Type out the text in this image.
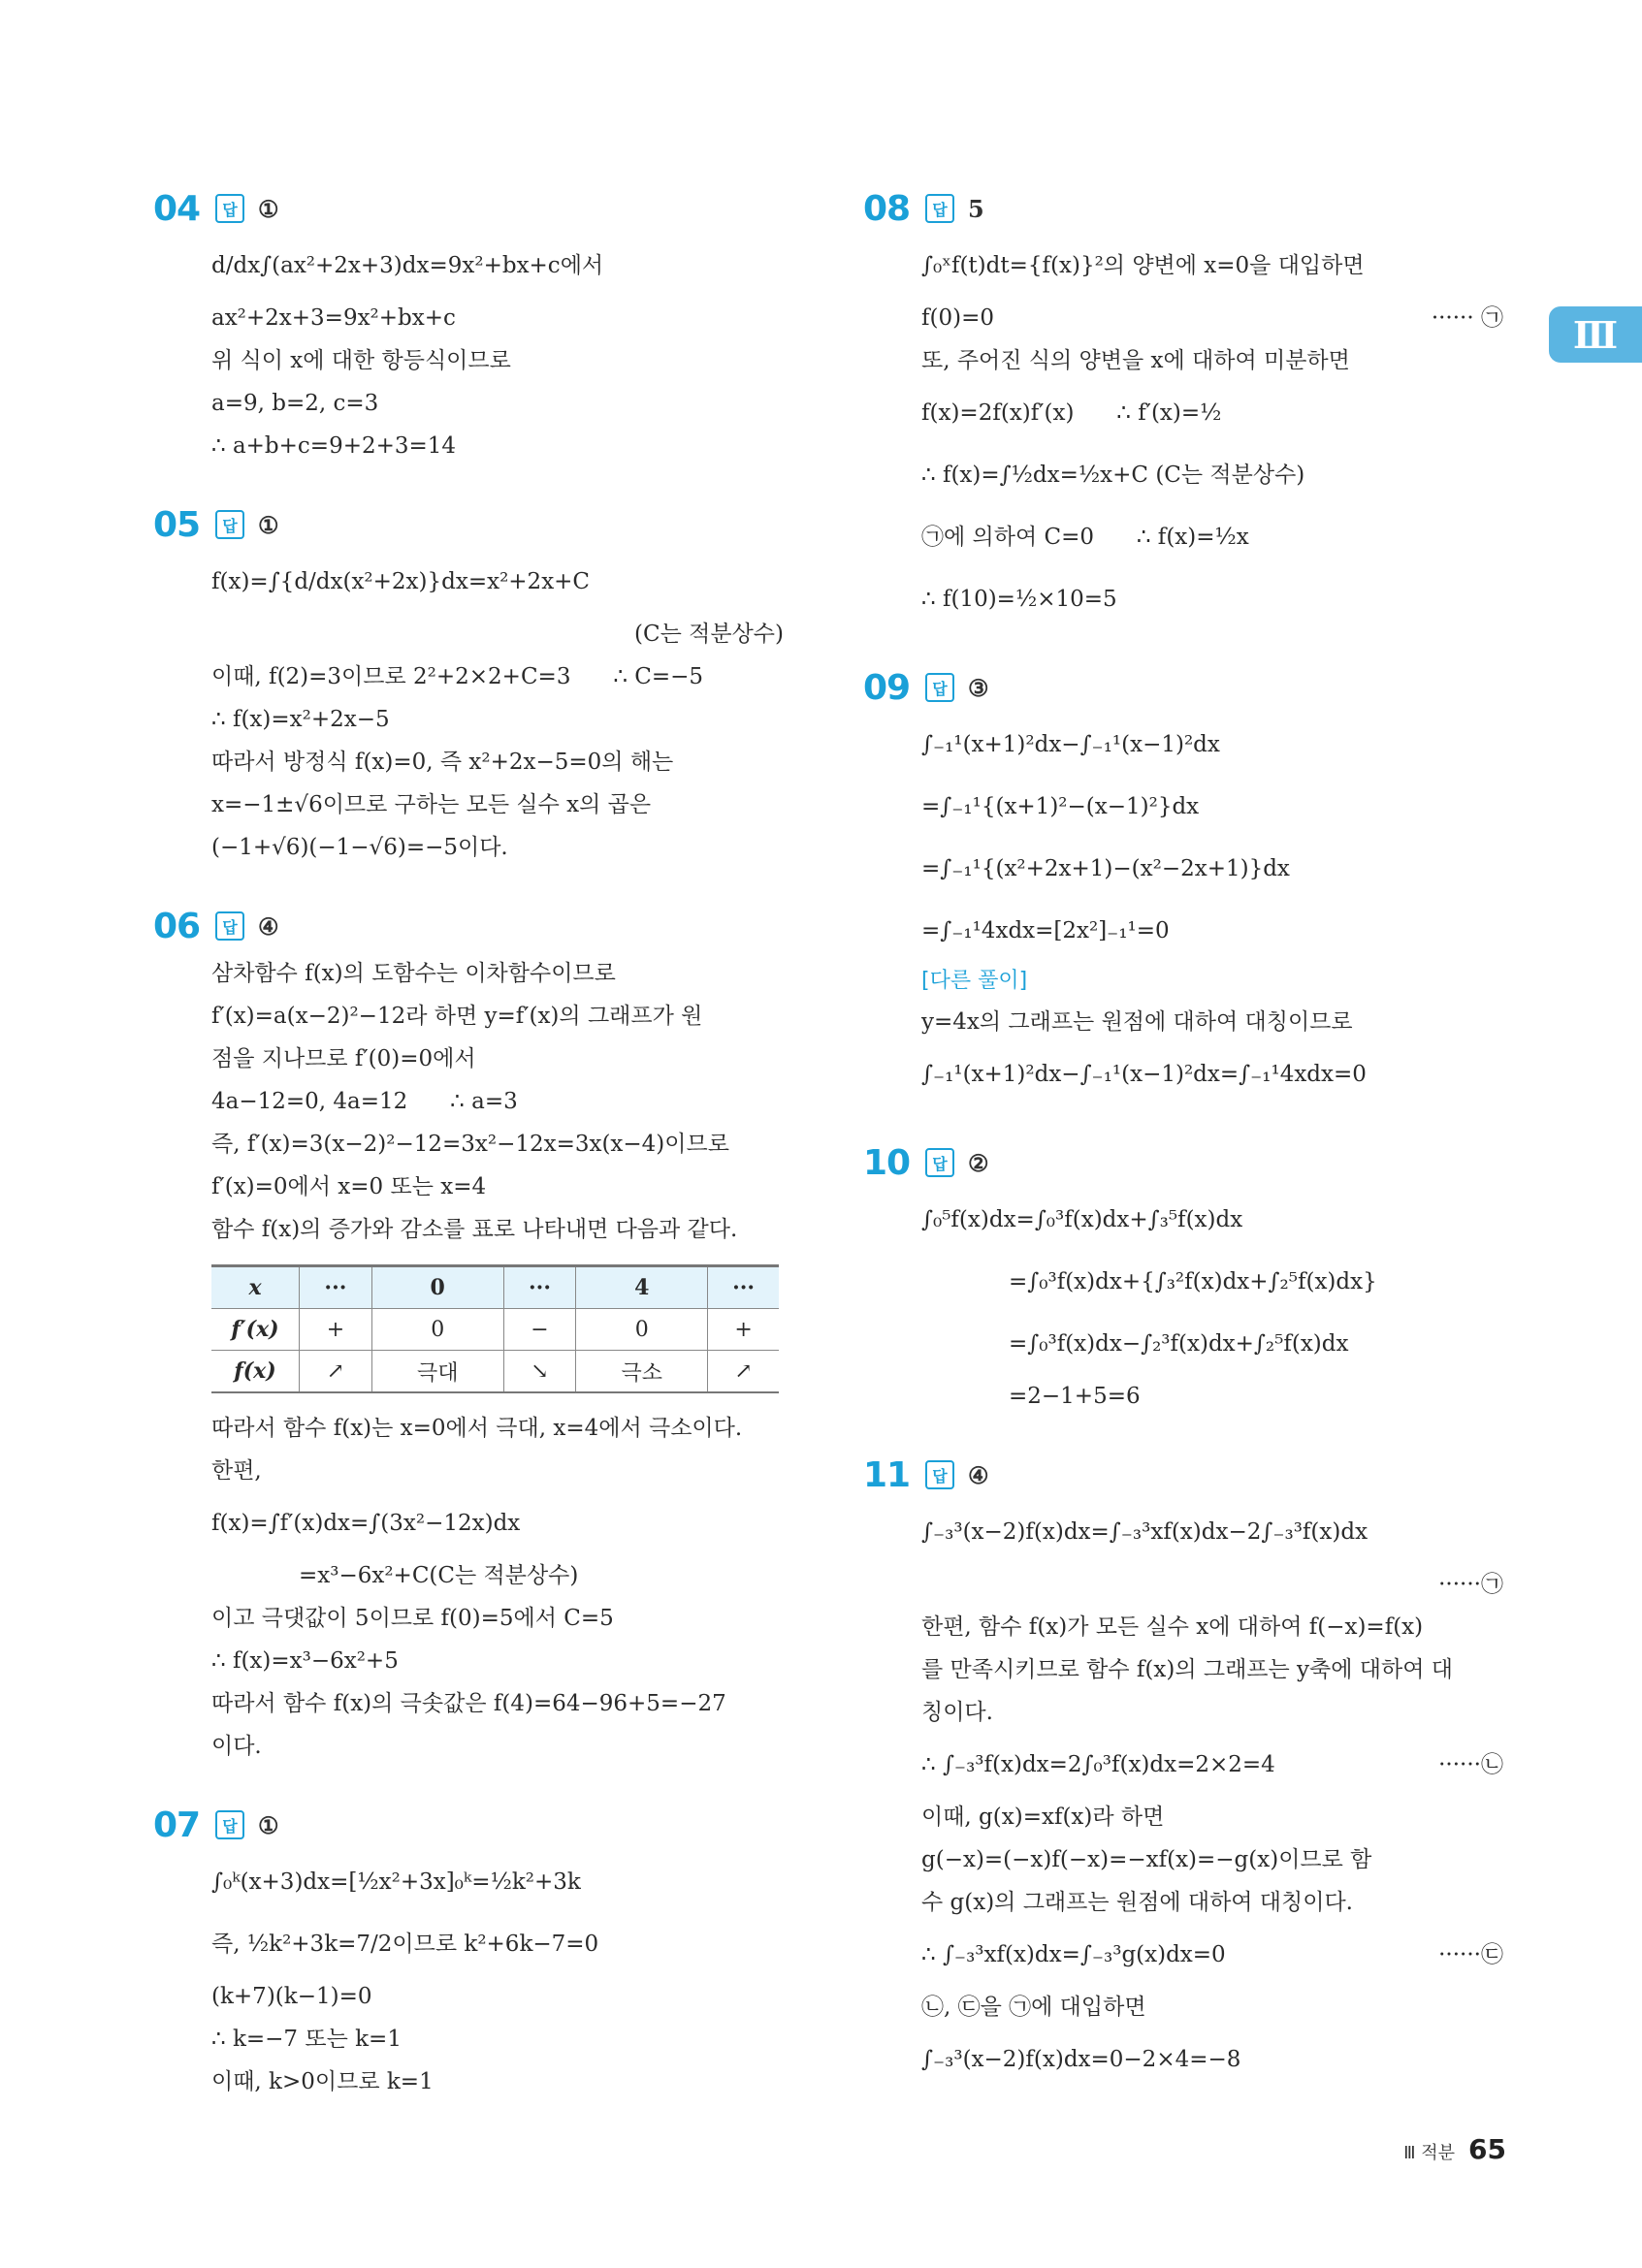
Ⅲ
04	답 ①
d/dx∫(ax²+2x+3)dx=9x²+bx+c에서
ax²+2x+3=9x²+bx+c
위 식이 x에 대한 항등식이므로
a=9, b=2, c=3
∴ a+b+c=9+2+3=14
05	답 ①
f(x)=∫{d/dx(x²+2x)}dx=x²+2x+C
(C는 적분상수)
이때, f(2)=3이므로 2²+2×2+C=3      ∴ C=−5
∴ f(x)=x²+2x−5
따라서 방정식 f(x)=0, 즉 x²+2x−5=0의 해는
x=−1±√6이므로 구하는 모든 실수 x의 곱은
(−1+√6)(−1−√6)=−5이다.
06	답 ④
삼차함수 f(x)의 도함수는 이차함수이므로
f′(x)=a(x−2)²−12라 하면 y=f′(x)의 그래프가 원
점을 지나므로 f′(0)=0에서
4a−12=0, 4a=12      ∴ a=3
즉, f′(x)=3(x−2)²−12=3x²−12x=3x(x−4)이므로
f′(x)=0에서 x=0 또는 x=4
함수 f(x)의 증가와 감소를 표로 나타내면 다음과 같다.
x	···	0	···	4	···
f′(x)	+	0	−	0	+
f(x)	↗	극대	↘	극소	↗
따라서 함수 f(x)는 x=0에서 극대, x=4에서 극소이다.
한편,
f(x)=∫f′(x)dx=∫(3x²−12x)dx
=x³−6x²+C(C는 적분상수)
이고 극댓값이 5이므로 f(0)=5에서 C=5
∴ f(x)=x³−6x²+5
따라서 함수 f(x)의 극솟값은 f(4)=64−96+5=−27
이다.
07	답 ①
∫₀ᵏ(x+3)dx=[½x²+3x]₀ᵏ=½k²+3k
즉, ½k²+3k=7/2이므로 k²+6k−7=0
(k+7)(k−1)=0
∴ k=−7 또는 k=1
이때, k>0이므로 k=1
08	답 5
∫₀ˣf(t)dt={f(x)}²의 양변에 x=0을 대입하면
f(0)=0	······ ㉠
또, 주어진 식의 양변을 x에 대하여 미분하면
f(x)=2f(x)f′(x)      ∴ f′(x)=½
∴ f(x)=∫½dx=½x+C (C는 적분상수)
㉠에 의하여 C=0      ∴ f(x)=½x
∴ f(10)=½×10=5
09	답 ③
∫₋₁¹(x+1)²dx−∫₋₁¹(x−1)²dx
=∫₋₁¹{(x+1)²−(x−1)²}dx
=∫₋₁¹{(x²+2x+1)−(x²−2x+1)}dx
=∫₋₁¹4xdx=[2x²]₋₁¹=0
[다른 풀이]
y=4x의 그래프는 원점에 대하여 대칭이므로
∫₋₁¹(x+1)²dx−∫₋₁¹(x−1)²dx=∫₋₁¹4xdx=0
10	답 ②
∫₀⁵f(x)dx=∫₀³f(x)dx+∫₃⁵f(x)dx
=∫₀³f(x)dx+{∫₃²f(x)dx+∫₂⁵f(x)dx}
=∫₀³f(x)dx−∫₂³f(x)dx+∫₂⁵f(x)dx
=2−1+5=6
11	답 ④
∫₋₃³(x−2)f(x)dx=∫₋₃³xf(x)dx−2∫₋₃³f(x)dx
······㉠
한편, 함수 f(x)가 모든 실수 x에 대하여 f(−x)=f(x)
를 만족시키므로 함수 f(x)의 그래프는 y축에 대하여 대
칭이다.
∴ ∫₋₃³f(x)dx=2∫₀³f(x)dx=2×2=4	······㉡
이때, g(x)=xf(x)라 하면
g(−x)=(−x)f(−x)=−xf(x)=−g(x)이므로 함
수 g(x)의 그래프는 원점에 대하여 대칭이다.
∴ ∫₋₃³xf(x)dx=∫₋₃³g(x)dx=0	······㉢
㉡, ㉢을 ㉠에 대입하면
∫₋₃³(x−2)f(x)dx=0−2×4=−8
Ⅲ 적분 65
